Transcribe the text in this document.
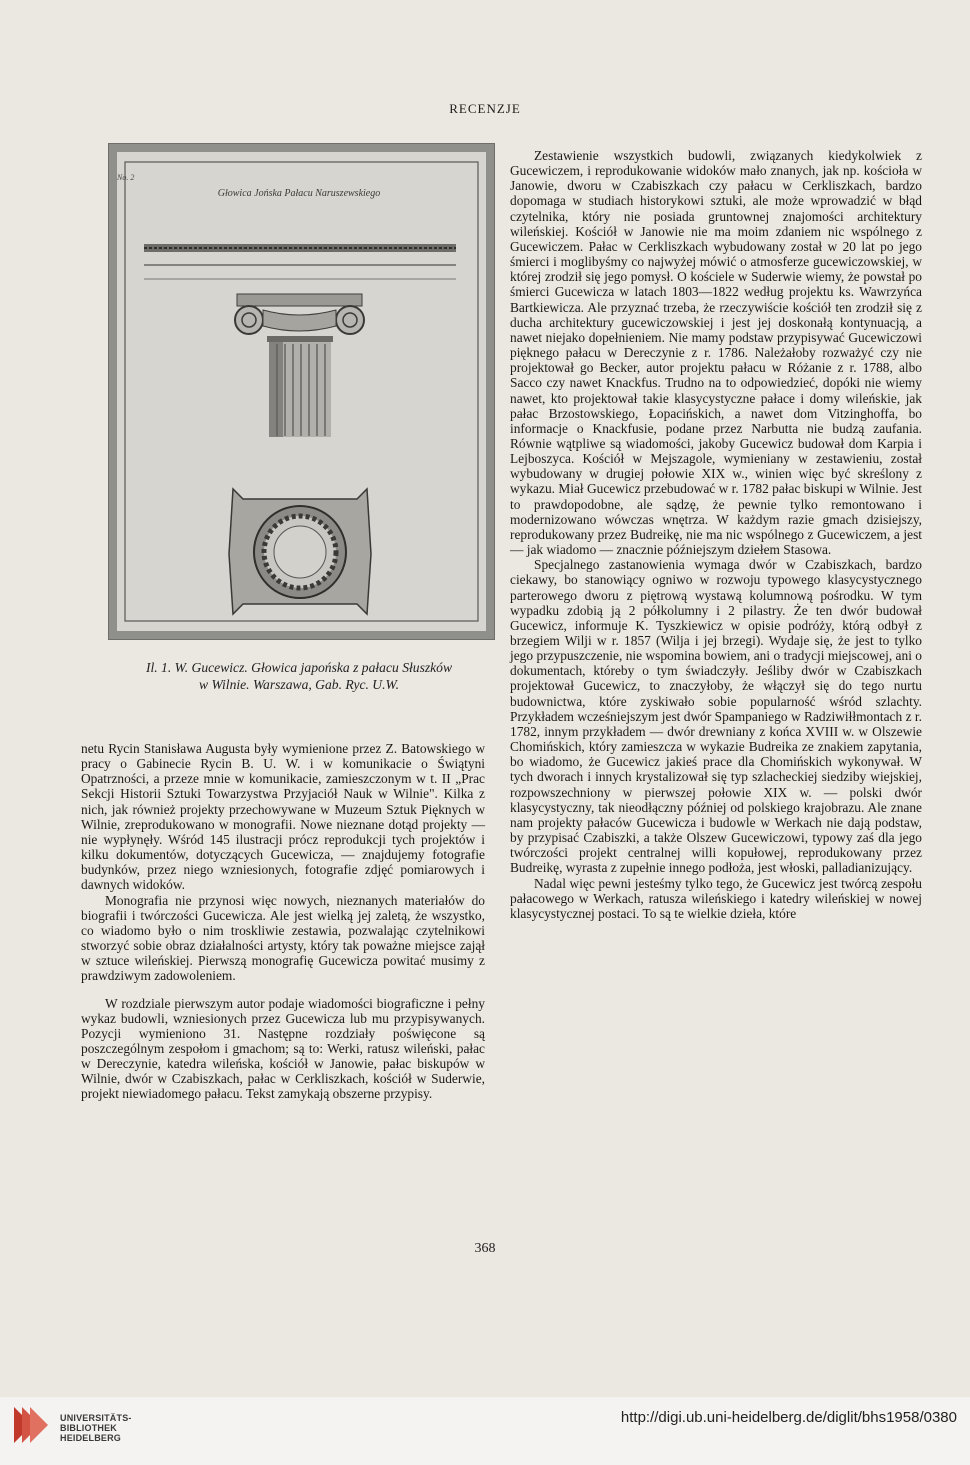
RECENZJE
No. 2
Głowica Jońska Pałacu Naruszewskiego
Il. 1. W. Gucewicz. Głowica japońska z pałacu Słuszków
w Wilnie. Warszawa, Gab. Ryc. U.W.

netu Rycin Stanisława Augusta były wymienione przez Z. Batowskiego w pracy o Gabinecie Rycin B. U. W. i w komunikacie o Świątyni Opatrzności, a przeze mnie w komunikacie, zamieszczonym w t. II „Prac Sekcji Historii Sztuki Towarzystwa Przyjaciół Nauk w Wilnie". Kilka z nich, jak również projekty przechowywane w Muzeum Sztuk Pięknych w Wilnie, zreprodukowano w monografii. Nowe nieznane dotąd projekty — nie wypłynęły. Wśród 145 ilustracji prócz reprodukcji tych projektów i kilku dokumentów, dotyczących Gucewicza, — znajdujemy fotografie budynków, przez niego wzniesionych, fotografie zdjęć pomiarowych i dawnych widoków.

Monografia nie przynosi więc nowych, nieznanych materiałów do biografii i twórczości Gucewicza. Ale jest wielką jej zaletą, że wszystko, co wiadomo było o nim troskliwie zestawia, pozwalając czytelnikowi stworzyć sobie obraz działalności artysty, który tak poważne miejsce zajął w sztuce wileńskiej. Pierwszą monografię Gucewicza powitać musimy z prawdziwym zadowoleniem.

W rozdziale pierwszym autor podaje wiadomości biograficzne i pełny wykaz budowli, wzniesionych przez Gucewicza lub mu przypisywanych. Pozycji wymieniono 31. Następne rozdziały poświęcone są poszczególnym zespołom i gmachom; są to: Werki, ratusz wileński, pałac w Dereczynie, katedra wileńska, kościół w Janowie, pałac biskupów w Wilnie, dwór w Czabiszkach, pałac w Cerkliszkach, kościół w Suderwie, projekt niewiadomego pałacu. Tekst zamykają obszerne przypisy.

Zestawienie wszystkich budowli, związanych kiedykolwiek z Gucewiczem, i reprodukowanie widoków mało znanych, jak np. kościoła w Janowie, dworu w Czabiszkach czy pałacu w Cerkliszkach, bardzo dopomaga w studiach historykowi sztuki, ale może wprowadzić w błąd czytelnika, który nie posiada gruntownej znajomości architektury wileńskiej. Kościół w Janowie nie ma moim zdaniem nic wspólnego z Gucewiczem. Pałac w Cerkliszkach wybudowany został w 20 lat po jego śmierci i moglibyśmy co najwyżej mówić o atmosferze gucewiczowskiej, w której zrodził się jego pomysł. O kościele w Suderwie wiemy, że powstał po śmierci Gucewicza w latach 1803—1822 według projektu ks. Wawrzyńca Bartkiewicza. Ale przyznać trzeba, że rzeczywiście kościół ten zrodził się z ducha architektury gucewiczowskiej i jest jej doskonałą kontynuacją, a nawet niejako dopełnieniem. Nie mamy podstaw przypisywać Gucewiczowi pięknego pałacu w Dereczynie z r. 1786. Należałoby rozważyć czy nie projektował go Becker, autor projektu pałacu w Różanie z r. 1788, albo Sacco czy nawet Knackfus. Trudno na to odpowiedzieć, dopóki nie wiemy nawet, kto projektował takie klasycystyczne pałace i domy wileńskie, jak pałac Brzostowskiego, Łopacińskich, a nawet dom Vitzinghoffa, bo informacje o Knackfusie, podane przez Narbutta nie budzą zaufania. Równie wątpliwe są wiadomości, jakoby Gucewicz budował dom Karpia i Lejboszyca. Kościół w Mejszagole, wymieniany w zestawieniu, został wybudowany w drugiej połowie XIX w., winien więc być skreślony z wykazu. Miał Gucewicz przebudować w r. 1782 pałac biskupi w Wilnie. Jest to prawdopodobne, ale sądzę, że pewnie tylko remontowano i modernizowano wówczas wnętrza. W każdym razie gmach dzisiejszy, reprodukowany przez Budreikę, nie ma nic wspólnego z Gucewiczem, a jest — jak wiadomo — znacznie późniejszym dziełem Stasowa.

Specjalnego zastanowienia wymaga dwór w Czabiszkach, bardzo ciekawy, bo stanowiący ogniwo w rozwoju typowego klasycystycznego parterowego dworu z piętrową wystawą kolumnową pośrodku. W tym wypadku zdobią ją 2 półkolumny i 2 pilastry. Że ten dwór budował Gucewicz, informuje K. Tyszkiewicz w opisie podróży, którą odbył z brzegiem Wilji w r. 1857 (Wilja i jej brzegi). Wydaje się, że jest to tylko jego przypuszczenie, nie wspomina bowiem, ani o tradycji miejscowej, ani o dokumentach, któreby o tym świadczyły. Jeśliby dwór w Czabiszkach projektował Gucewicz, to znaczyłoby, że włączył się do tego nurtu budownictwa, które zyskiwało sobie popularność wśród szlachty. Przykładem wcześniejszym jest dwór Spampaniego w Radziwiłłmontach z r. 1782, innym przykładem — dwór drewniany z końca XVIII w. w Olszewie Chomińskich, który zamieszcza w wykazie Budreika ze znakiem zapytania, bo wiadomo, że Gucewicz jakieś prace dla Chomińskich wykonywał. W tych dworach i innych krystalizował się typ szlacheckiej siedziby wiejskiej, rozpowszechniony w pierwszej połowie XIX w. — polski dwór klasycystyczny, tak nieodłączny później od polskiego krajobrazu. Ale znane nam projekty pałaców Gucewicza i budowle w Werkach nie dają podstaw, by przypisać Czabiszki, a także Olszew Gucewiczowi, typowy zaś dla jego twórczości projekt centralnej willi kopułowej, reprodukowany przez Budreikę, wyrasta z zupełnie innego podłoża, jest włoski, palladianizujący.

Nadal więc pewni jesteśmy tylko tego, że Gucewicz jest twórcą zespołu pałacowego w Werkach, ratusza wileńskiego i katedry wileńskiej w nowej klasycystycznej postaci. To są te wielkie dzieła, które

368
UNIVERSITÄTS-
BIBLIOTHEK
HEIDELBERG
http://digi.ub.uni-heidelberg.de/diglit/bhs1958/0380
